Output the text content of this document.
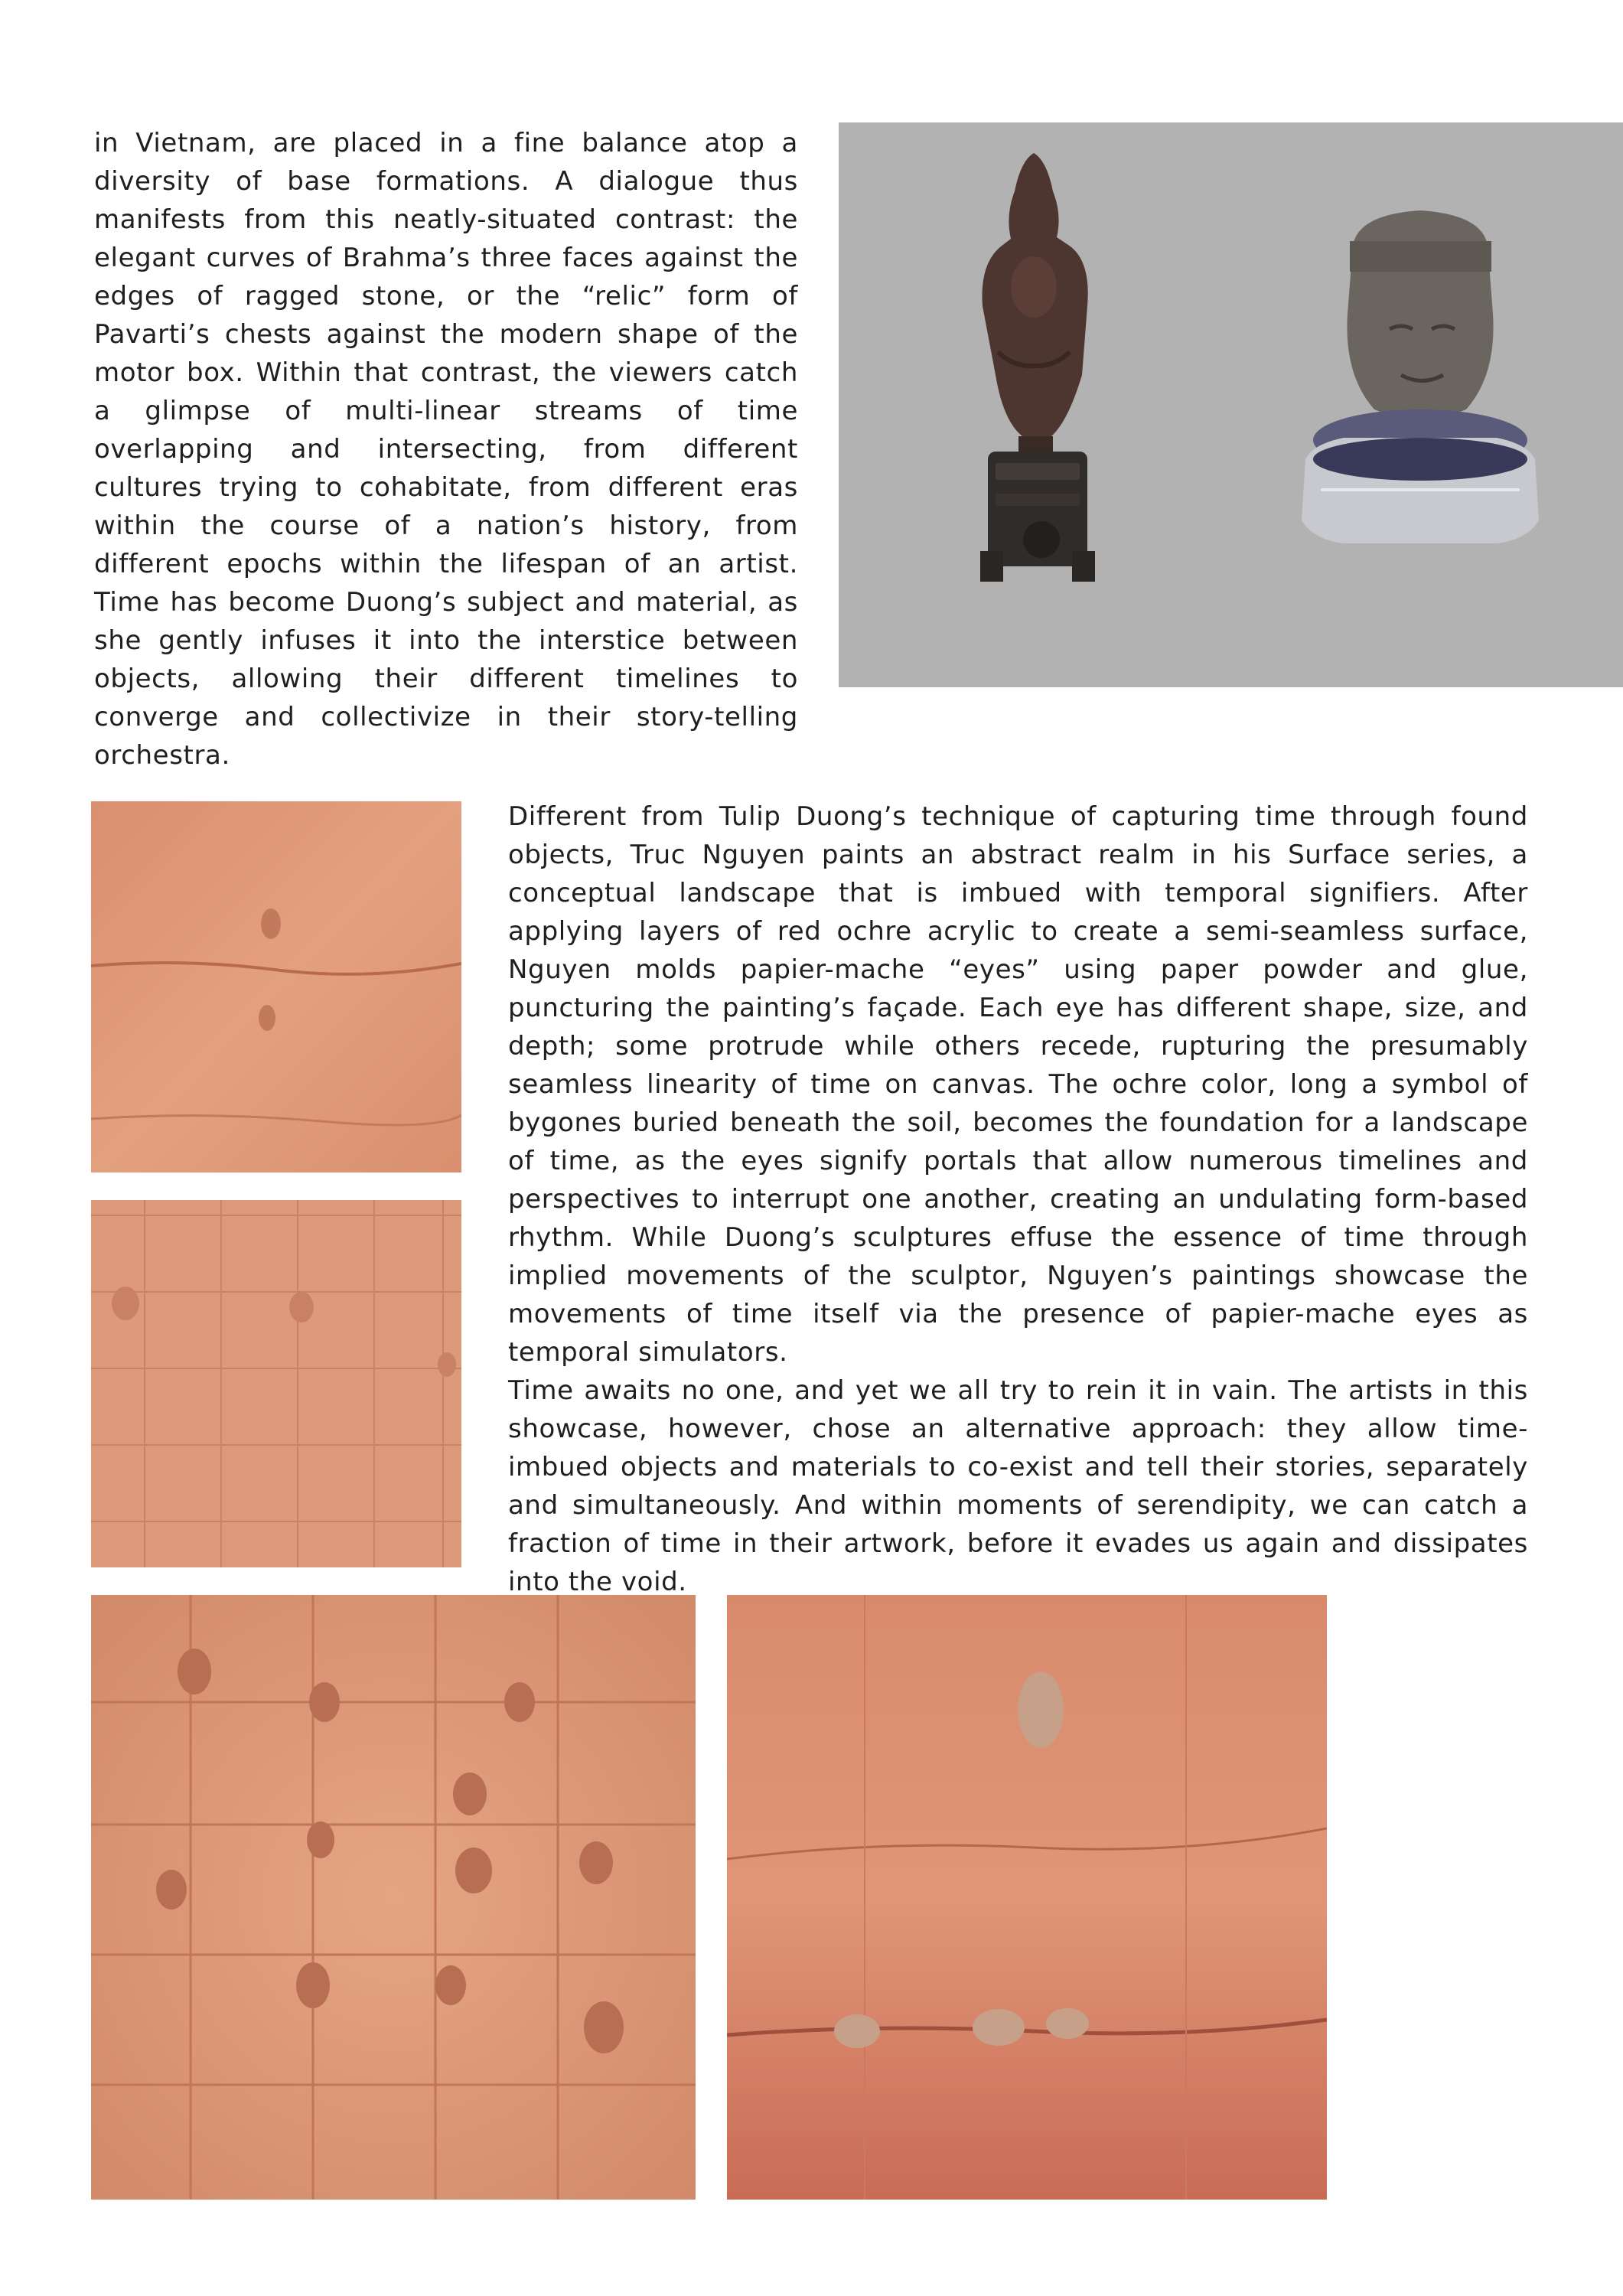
in Vietnam, are placed in a fine balance atop a diversity of base formations. A dialogue thus manifests from this neatly-situated contrast: the elegant curves of Brahma’s three faces against the edges of ragged stone, or the “relic” form of Pavarti’s chests against the modern shape of the motor box. Within that contrast, the viewers catch a glimpse of multi-linear streams of time overlapping and intersecting, from different cultures trying to cohabitate, from different eras within the course of a nation’s history, from different epochs within the lifespan of an artist. Time has become Duong’s subject and material, as she gently infuses it into the interstice between objects, allowing their different timelines to converge and collectivize in their story-telling orchestra.

Different from Tulip Duong’s technique of capturing time through found objects, Truc Nguyen paints an abstract realm in his Surface series, a conceptual landscape that is imbued with temporal signifiers. After applying layers of red ochre acrylic to create a semi-seamless surface, Nguyen molds papier-mache “eyes” using paper powder and glue, puncturing the painting’s façade. Each eye has different shape, size, and depth; some protrude while others recede, rupturing the presumably seamless linearity of time on canvas. The ochre color, long a symbol of bygones buried beneath the soil, becomes the foundation for a landscape of time, as the eyes signify portals that allow numerous timelines and perspectives to interrupt one another, creating an undulating form-based rhythm. While Duong’s sculptures effuse the essence of time through implied movements of the sculptor, Nguyen’s paintings showcase the movements of time itself via the presence of papier-mache eyes as temporal simulators.

Time awaits no one, and yet we all try to rein it in vain. The artists in this showcase, however, chose an alternative approach: they allow time-imbued objects and materials to co-exist and tell their stories, separately and simultaneously. And within moments of serendipity, we can catch a fraction of time in their artwork, before it evades us again and dissipates into the void.
